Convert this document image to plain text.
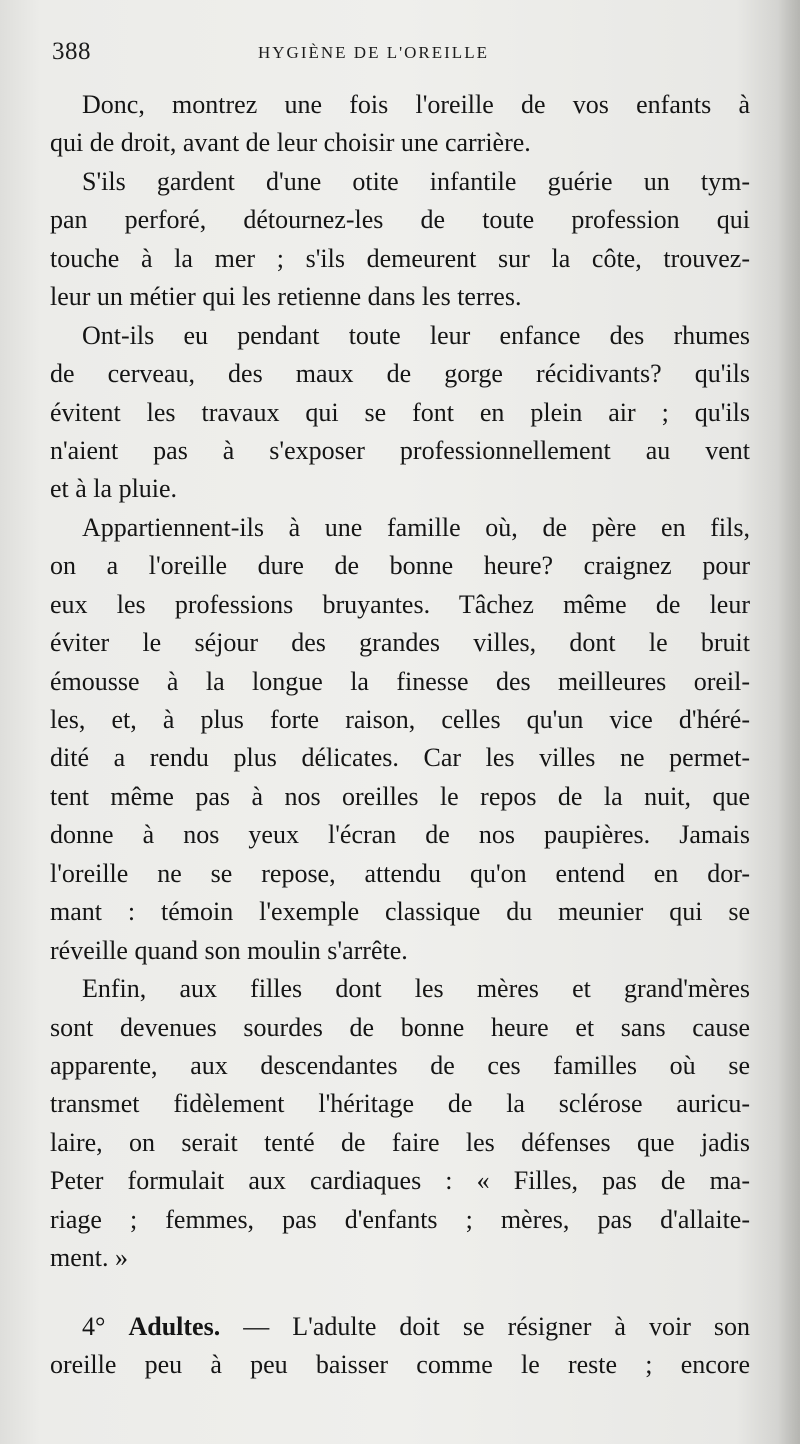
388	HYGIÈNE DE L'OREILLE
Donc, montrez une fois l'oreille de vos enfants à
qui de droit, avant de leur choisir une carrière.
S'ils gardent d'une otite infantile guérie un tym-
pan perforé, détournez-les de toute profession qui
touche à la mer ; s'ils demeurent sur la côte, trouvez-
leur un métier qui les retienne dans les terres.
Ont-ils eu pendant toute leur enfance des rhumes
de cerveau, des maux de gorge récidivants? qu'ils
évitent les travaux qui se font en plein air ; qu'ils
n'aient pas à s'exposer professionnellement au vent
et à la pluie.
Appartiennent-ils à une famille où, de père en fils,
on a l'oreille dure de bonne heure? craignez pour
eux les professions bruyantes. Tâchez même de leur
éviter le séjour des grandes villes, dont le bruit
émousse à la longue la finesse des meilleures oreil-
les, et, à plus forte raison, celles qu'un vice d'héré-
dité a rendu plus délicates. Car les villes ne permet-
tent même pas à nos oreilles le repos de la nuit, que
donne à nos yeux l'écran de nos paupières. Jamais
l'oreille ne se repose, attendu qu'on entend en dor-
mant : témoin l'exemple classique du meunier qui se
réveille quand son moulin s'arrête.
Enfin, aux filles dont les mères et grand'mères
sont devenues sourdes de bonne heure et sans cause
apparente, aux descendantes de ces familles où se
transmet fidèlement l'héritage de la sclérose auricu-
laire, on serait tenté de faire les défenses que jadis
Peter formulait aux cardiaques : « Filles, pas de ma-
riage ; femmes, pas d'enfants ; mères, pas d'allaite-
ment. »
4° Adultes. — L'adulte doit se résigner à voir son
oreille peu à peu baisser comme le reste ; encore
